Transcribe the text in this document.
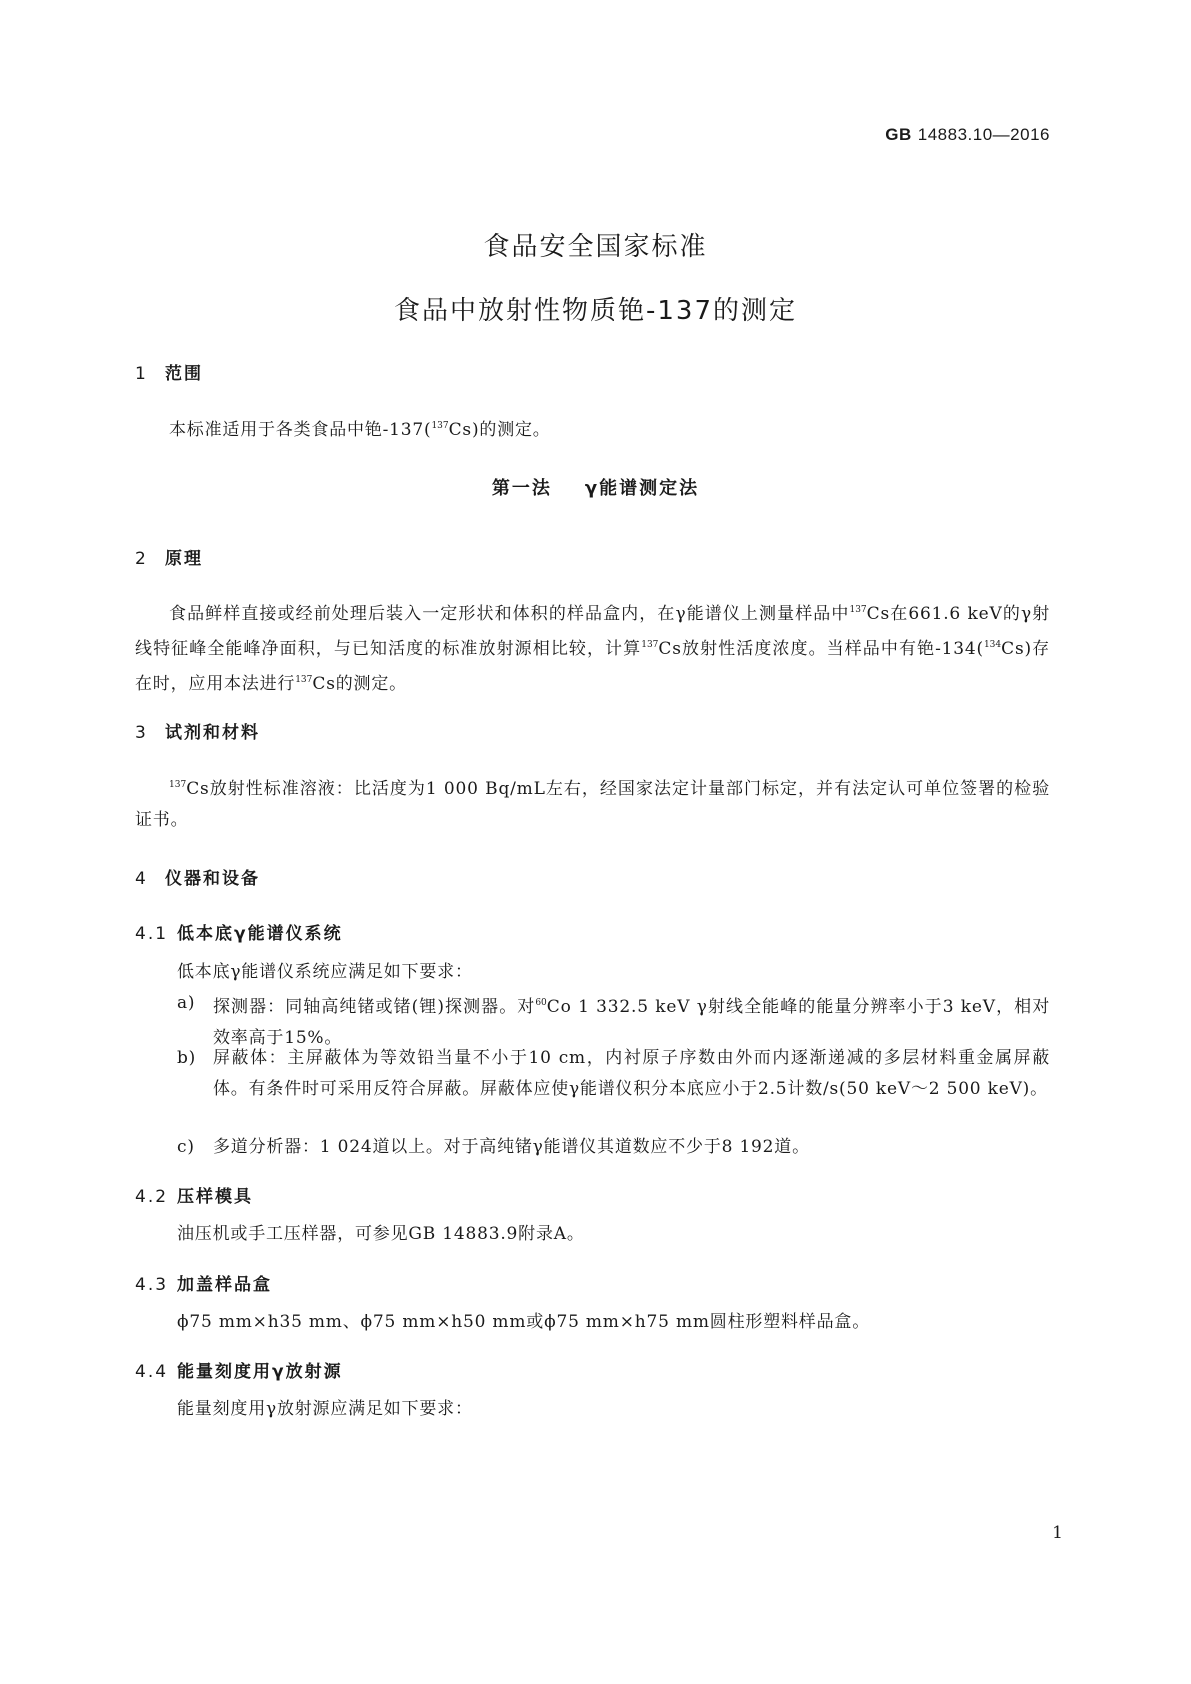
GB 14883.10—2016
食品安全国家标准
食品中放射性物质铯-137的测定
1 范围
本标准适用于各类食品中铯-137($^{137}$Cs)的测定。
第一法 γ能谱测定法
2 原理
食品鲜样直接或经前处理后装入一定形状和体积的样品盒内，在γ能谱仪上测量样品中$^{137}$Cs在661.6 keV的γ射线特征峰全能峰净面积，与已知活度的标准放射源相比较，计算$^{137}$Cs放射性活度浓度。当样品中有铯-134($^{134}$Cs)存在时，应用本法进行$^{137}$Cs的测定。
3 试剂和材料
$^{137}$Cs放射性标准溶液：比活度为1 000 Bq/mL左右，经国家法定计量部门标定，并有法定认可单位签署的检验证书。
4 仪器和设备
4.1 低本底γ能谱仪系统
低本底γ能谱仪系统应满足如下要求：
a) 探测器：同轴高纯锗或锗(锂)探测器。对$^{60}$Co 1 332.5 keV γ射线全能峰的能量分辨率小于3 keV，相对效率高于15%。
b) 屏蔽体：主屏蔽体为等效铅当量不小于10 cm，内衬原子序数由外而内逐渐递减的多层材料重金属屏蔽体。有条件时可采用反符合屏蔽。屏蔽体应使γ能谱仪积分本底应小于2.5计数/s(50 keV～2 500 keV)。
c) 多道分析器：1 024道以上。对于高纯锗γ能谱仪其道数应不少于8 192道。
4.2 压样模具
油压机或手工压样器，可参见GB 14883.9附录A。
4.3 加盖样品盒
ϕ75 mm×h35 mm、ϕ75 mm×h50 mm或ϕ75 mm×h75 mm圆柱形塑料样品盒。
4.4 能量刻度用γ放射源
能量刻度用γ放射源应满足如下要求：
1
